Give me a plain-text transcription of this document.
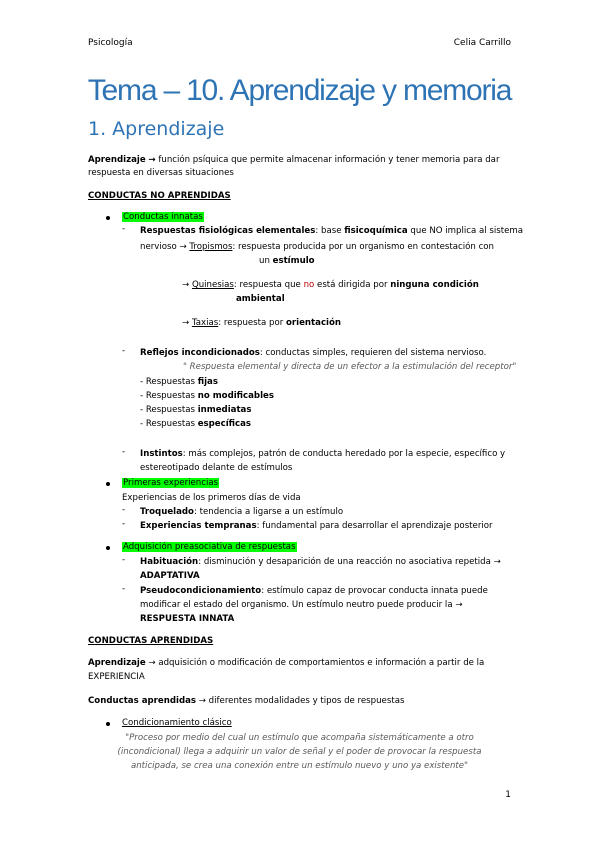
Psicología	Celia Carrillo
Tema – 10. Aprendizaje y memoria
1. Aprendizaje
Aprendizaje → función psíquica que permite almacenar información y tener memoria para dar
respuesta en diversas situaciones
CONDUCTAS NO APRENDIDAS
Conductas innatas
- Respuestas fisiológicas elementales: base fisicoquímica que NO implica al sistema
nervioso → Tropismos: respuesta producida por un organismo en contestación con
un estímulo
→ Quinesias: respuesta que no está dirigida por ninguna condición
ambiental
→ Taxias: respuesta por orientación
- Reflejos incondicionados: conductas simples, requieren del sistema nervioso.
" Respuesta elemental y directa de un efector a la estimulación del receptor"
- Respuestas fijas
- Respuestas no modificables
- Respuestas inmediatas
- Respuestas específicas
- Instintos: más complejos, patrón de conducta heredado por la especie, específico y
estereotipado delante de estímulos
Primeras experiencias
Experiencias de los primeros días de vida
- Troquelado: tendencia a ligarse a un estímulo
- Experiencias tempranas: fundamental para desarrollar el aprendizaje posterior
Adquisición preasociativa de respuestas
- Habituación: disminución y desaparición de una reacción no asociativa repetida →
ADAPTATIVA
- Pseudocondicionamiento: estímulo capaz de provocar conducta innata puede
modificar el estado del organismo. Un estímulo neutro puede producir la →
RESPUESTA INNATA
CONDUCTAS APRENDIDAS
Aprendizaje → adquisición o modificación de comportamientos e información a partir de la
EXPERIENCIA
Conductas aprendidas → diferentes modalidades y tipos de respuestas
Condicionamiento clásico
"Proceso por medio del cual un estímulo que acompaña sistemáticamente a otro
(incondicional) llega a adquirir un valor de señal y el poder de provocar la respuesta
anticipada, se crea una conexión entre un estímulo nuevo y uno ya existente"
1
